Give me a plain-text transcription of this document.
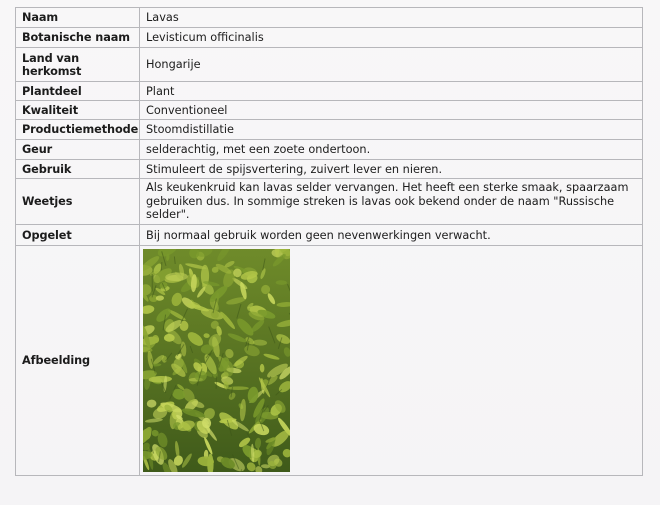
Naam	Lavas
Botanische naam	Levisticum officinalis
Land van herkomst	Hongarije
Plantdeel	Plant
Kwaliteit	Conventioneel
Productiemethode	Stoomdistillatie
Geur	selderachtig, met een zoete ondertoon.
Gebruik	Stimuleert de spijsvertering, zuivert lever en nieren.
Weetjes	Als keukenkruid kan lavas selder vervangen. Het heeft een sterke smaak, spaarzaam gebruiken dus. In sommige streken is lavas ook bekend onder de naam "Russische selder".
Opgelet	Bij normaal gebruik worden geen nevenwerkingen verwacht.
Afbeelding	
